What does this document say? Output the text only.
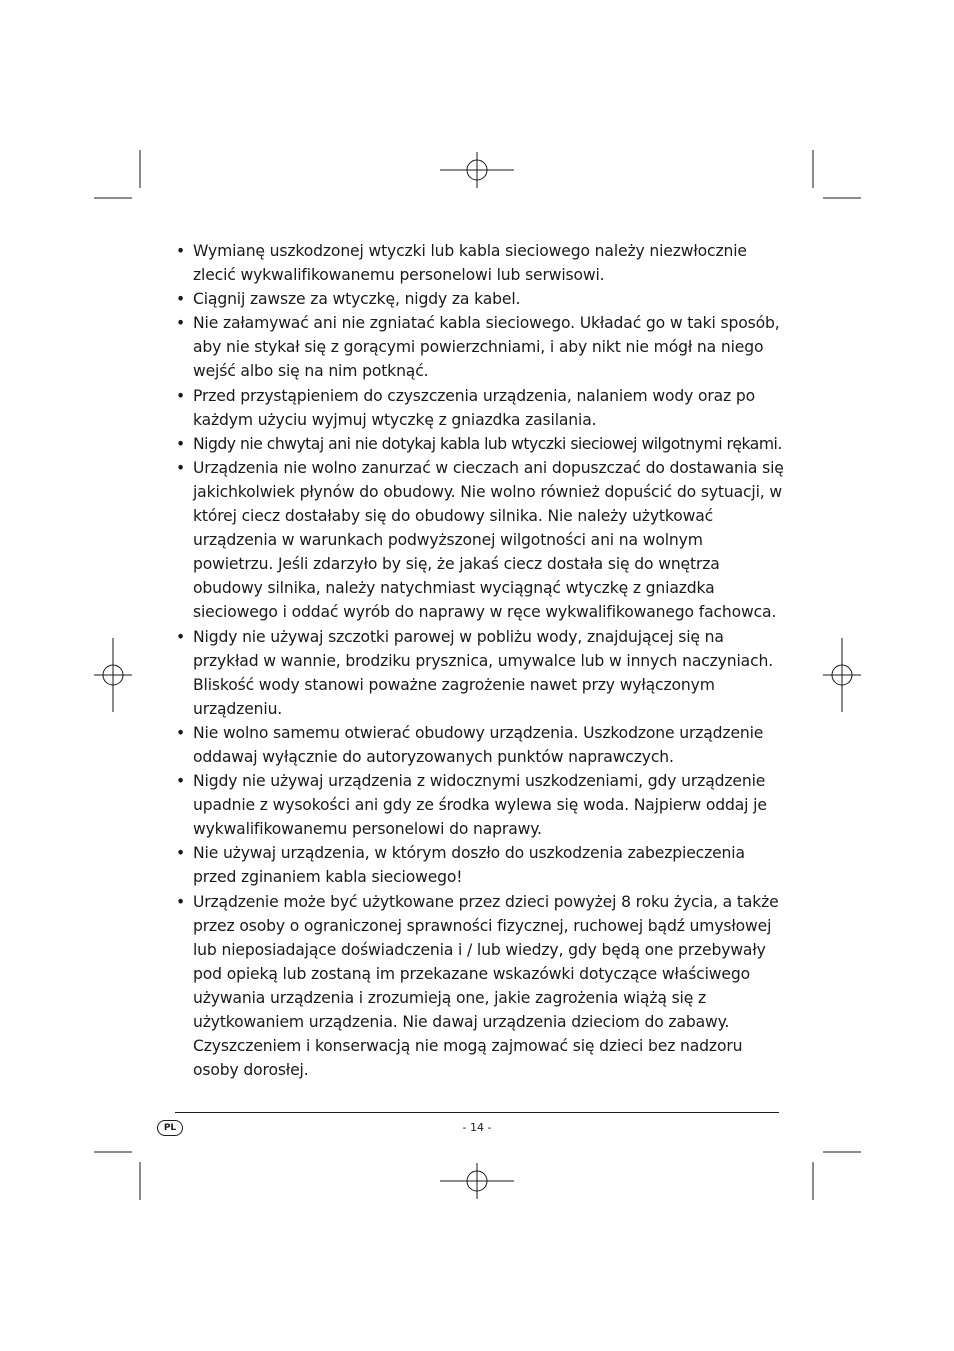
• Wymianę uszkodzonej wtyczki lub kabla sieciowego należy niezwłocznie zlecić wykwalifikowanemu personelowi lub serwisowi.
• Ciągnij zawsze za wtyczkę, nigdy za kabel.
• Nie załamywać ani nie zgniatać kabla sieciowego. Układać go w taki sposób, aby nie stykał się z gorącymi powierzchniami, i aby nikt nie mógł na niego wejść albo się na nim potknąć.
• Przed przystąpieniem do czyszczenia urządzenia, nalaniem wody oraz po każdym użyciu wyjmuj wtyczkę z gniazdka zasilania.
• Nigdy nie chwytaj ani nie dotykaj kabla lub wtyczki sieciowej wilgotnymi rękami.
• Urządzenia nie wolno zanurzać w cieczach ani dopuszczać do dostawania się jakichkolwiek płynów do obudowy. Nie wolno również dopuścić do sytuacji, w której ciecz dostałaby się do obudowy silnika. Nie należy użytkować urządzenia w warunkach podwyższonej wilgotności ani na wolnym powietrzu. Jeśli zdarzyło by się, że jakaś ciecz dostała się do wnętrza obudowy silnika, należy natychmiast wyciągnąć wtyczkę z gniazdka sieciowego i oddać wyrób do naprawy w ręce wykwalifikowanego fachowca.
• Nigdy nie używaj szczotki parowej w pobliżu wody, znajdującej się na przykład w wannie, brodziku prysznica, umywalce lub w innych naczyniach. Bliskość wody stanowi poważne zagrożenie nawet przy wyłączonym urządzeniu.
• Nie wolno samemu otwierać obudowy urządzenia. Uszkodzone urządzenie oddawaj wyłącznie do autoryzowanych punktów naprawczych.
• Nigdy nie używaj urządzenia z widocznymi uszkodzeniami, gdy urządzenie upadnie z wysokości ani gdy ze środka wylewa się woda. Najpierw oddaj je wykwalifikowanemu personelowi do naprawy.
• Nie używaj urządzenia, w którym doszło do uszkodzenia zabezpieczenia przed zginaniem kabla sieciowego!
• Urządzenie może być użytkowane przez dzieci powyżej 8 roku życia, a także przez osoby o ograniczonej sprawności fizycznej, ruchowej bądź umysłowej lub nieposiadające doświadczenia i / lub wiedzy, gdy będą one przebywały pod opieką lub zostaną im przekazane wskazówki dotyczące właściwego używania urządzenia i zrozumieją one, jakie zagrożenia wiążą się z użytkowaniem urządzenia. Nie dawaj urządzenia dzieciom do zabawy. Czyszczeniem i konserwacją nie mogą zajmować się dzieci bez nadzoru osoby dorosłej.
PL	- 14 -
